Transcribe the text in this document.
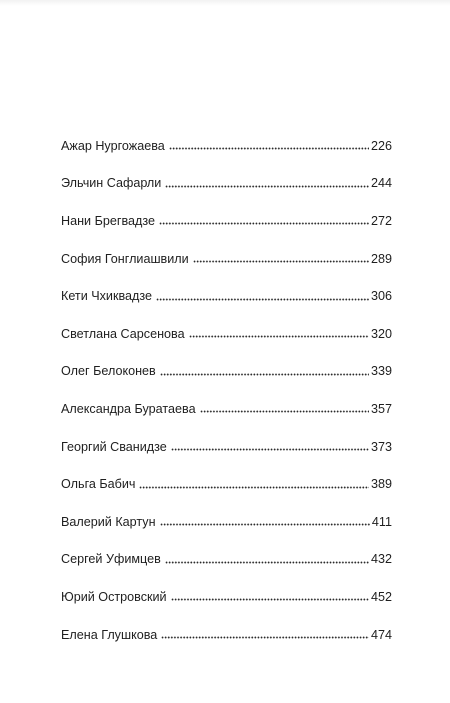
Ажар Нургожаева	226
Эльчин Сафарли	244
Нани Брегвадзе	272
София Гонглиашвили	289
Кети Чхиквадзе	306
Светлана Сарсенова	320
Олег Белоконев	339
Александра Буратаева	357
Георгий Сванидзе	373
Ольга Бабич	389
Валерий Картун	411
Сергей Уфимцев	432
Юрий Островский	452
Елена Глушкова	474
